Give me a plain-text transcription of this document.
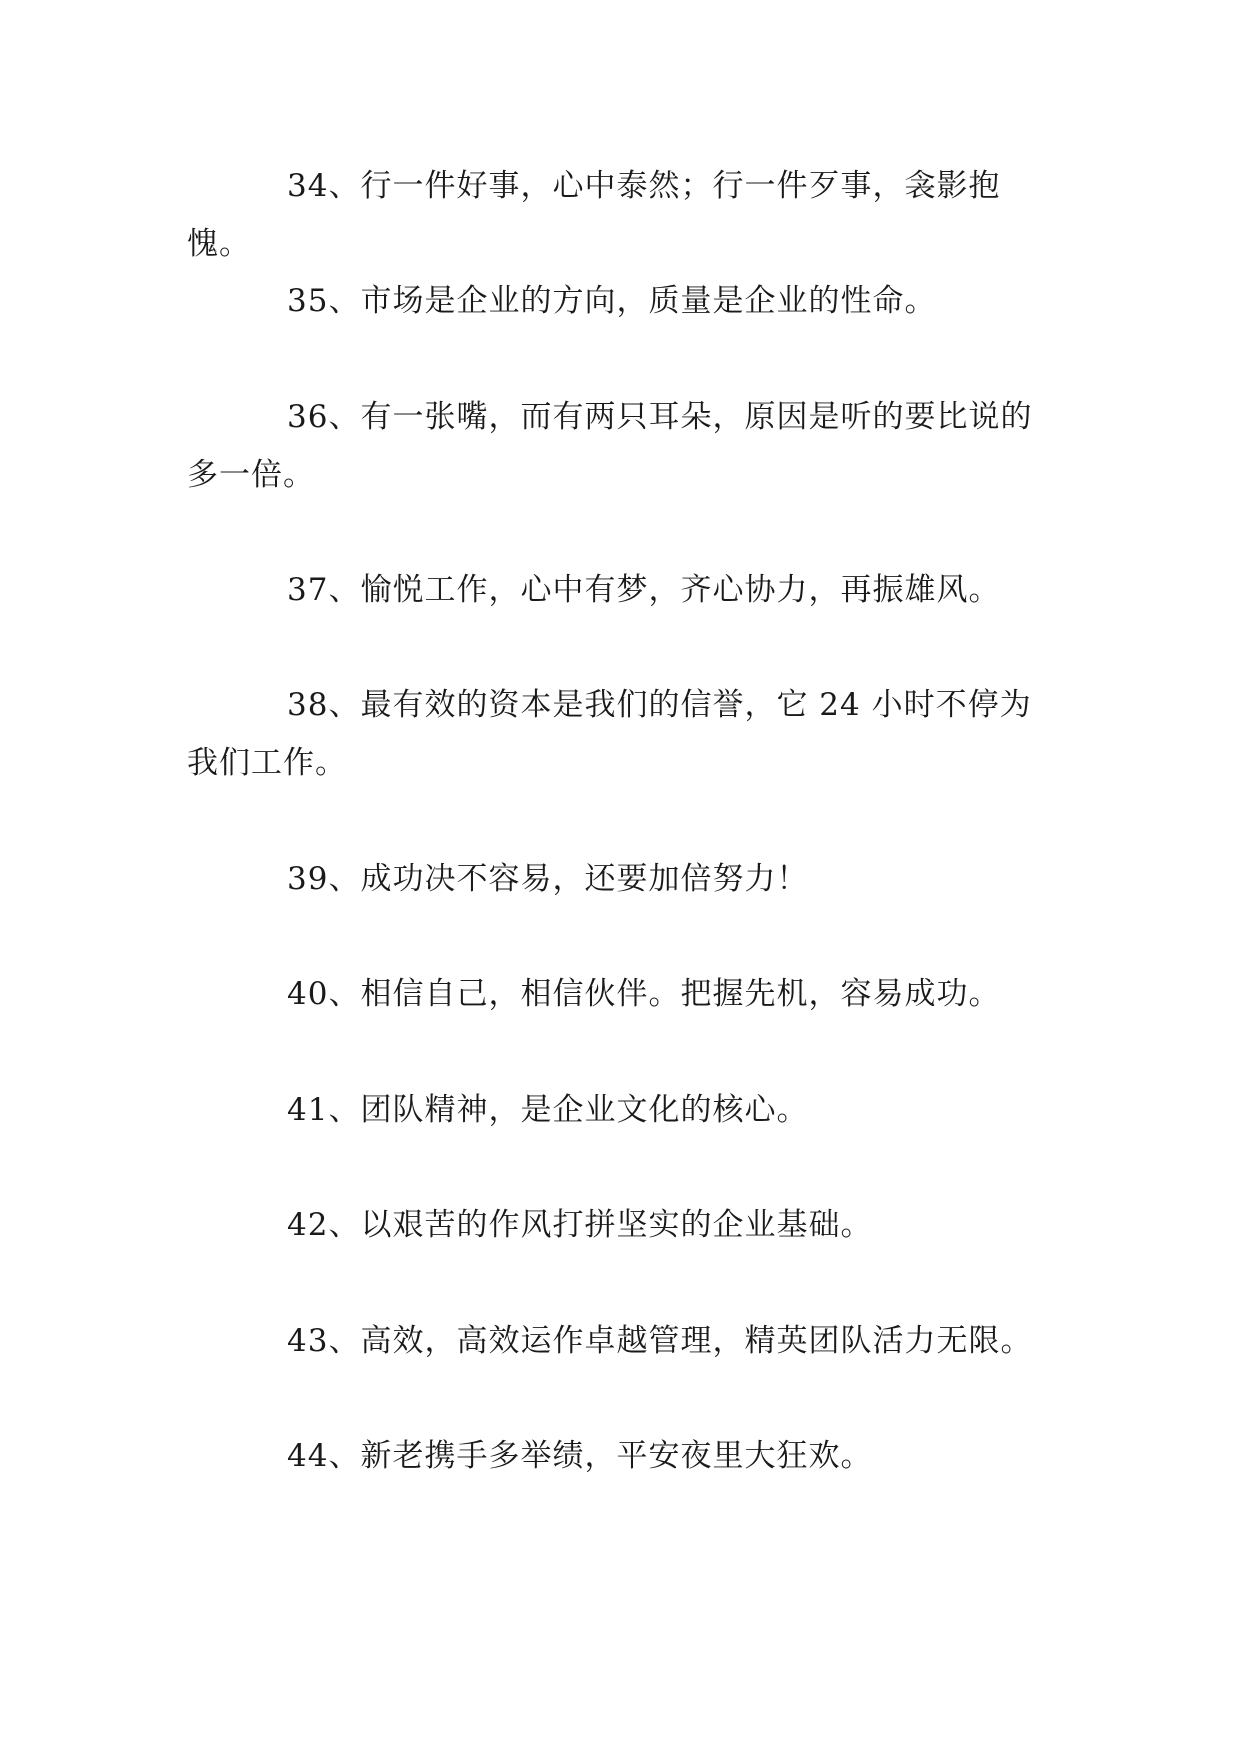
34、行一件好事，心中泰然；行一件歹事，衾影抱愧。

35、市场是企业的方向，质量是企业的性命。

36、有一张嘴，而有两只耳朵，原因是听的要比说的多一倍。

37、愉悦工作，心中有梦，齐心协力，再振雄风。

38、最有效的资本是我们的信誉，它 24 小时不停为我们工作。

39、成功决不容易，还要加倍努力！

40、相信自己，相信伙伴。把握先机，容易成功。

41、团队精神，是企业文化的核心。

42、以艰苦的作风打拼坚实的企业基础。

43、高效，高效运作卓越管理，精英团队活力无限。

44、新老携手多举绩，平安夜里大狂欢。
